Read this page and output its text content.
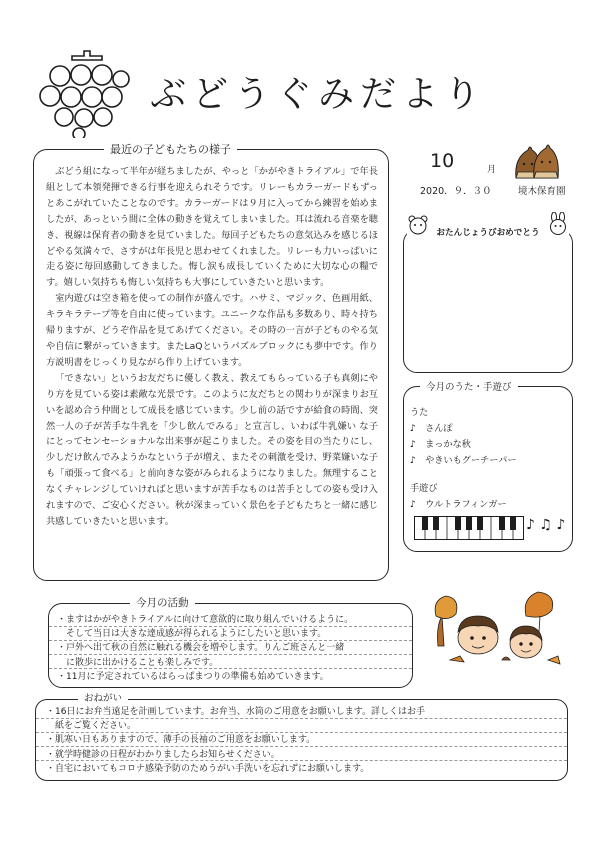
ぶどうぐみだより

ぶどう組になって半年が経ちましたが、やっと「かがやきトライアル」で年長組として本領発揮できる行事を迎えられそうです。リレーもカラーガードもずっとあこがれていたことなのです。カラーガードは９月に入ってから練習を始めましたが、あっという間に全体の動きを覚えてしまいました。耳は流れる音楽を聴き、視線は保育者の動きを見ていました。毎回子どもたちの意気込みを感じるほどやる気満々で、さすがは年長児と思わせてくれました。リレーも力いっぱいに走る姿に毎回感動してきました。悔し涙も成長していくために大切な心の糧です。嬉しい気持ちも悔しい気持ちも大事にしていきたいと思います。

室内遊びは空き箱を使っての制作が盛んです。ハサミ、マジック、色画用紙、キラキラテープ等を自由に使っています。ユニークな作品も多数あり、時々持ち帰りますが、どうぞ作品を見てあげてください。その時の一言が子どものやる気や自信に繋がっていきます。またLaQというパズルブロックにも夢中です。作り方説明書をじっくり見ながら作り上げています。

「できない」というお友だちに優しく教え、教えてもらっている子も真剣にやり方を見ている姿は素敵な光景です。このように友だちとの関わりが深まりお互いを認め合う仲間として成長を感じています。少し前の話ですが給食の時間、突然一人の子が苦手な牛乳を「少し飲んでみる」と宣言し、いわば牛乳嫌い な子にとってセンセーショナルな出来事が起こりました。その姿を目の当たりにし、少しだけ飲んでみようかなという子が増え、またその刺激を受け、野菜嫌いな子も「頑張って食べる」と前向きな姿がみられるようになりました。無理することなくチャレンジしていければと思いますが苦手なものは苦手としての姿も受け入れますので、ご安心ください。秋が深まっていく景色を子どもたちと一緒に感じ共感していきたいと思います。

最近の子どもたちの様子
10	月
2020．９．３０	境木保育園
おたんじょうびおめでとう
うた
♪　 さんぽ
♪　 まっかな秋
♪　 やきいもグーチーパー
手遊び
♪　 ウルトラフィンガー
♪ ♫ ♪
今月のうた・手遊び
・ますはかがやきトライアルに向けて意欲的に取り組んでいけるように。
　そして当日は大きな達成感が得られるようにしたいと思います。
・戸外へ出て秋の自然に触れる機会を増やします。りんご班さんと一緒
　に散歩に出かけることも楽しみです。
・11月に予定されているはらっぱまつりの準備も始めていきます。
今月の活動
・16日にお弁当遠足を計画しています。お弁当、水筒のご用意をお願いします。詳しくはお手
　紙をご覧ください。
・肌寒い日もありますので、薄手の長袖のご用意をお願いします。
・就学時健診の日程がわかりましたらお知らせください。
・自宅においてもコロナ感染予防のためうがい手洗いを忘れずにお願いします。
おねがい
